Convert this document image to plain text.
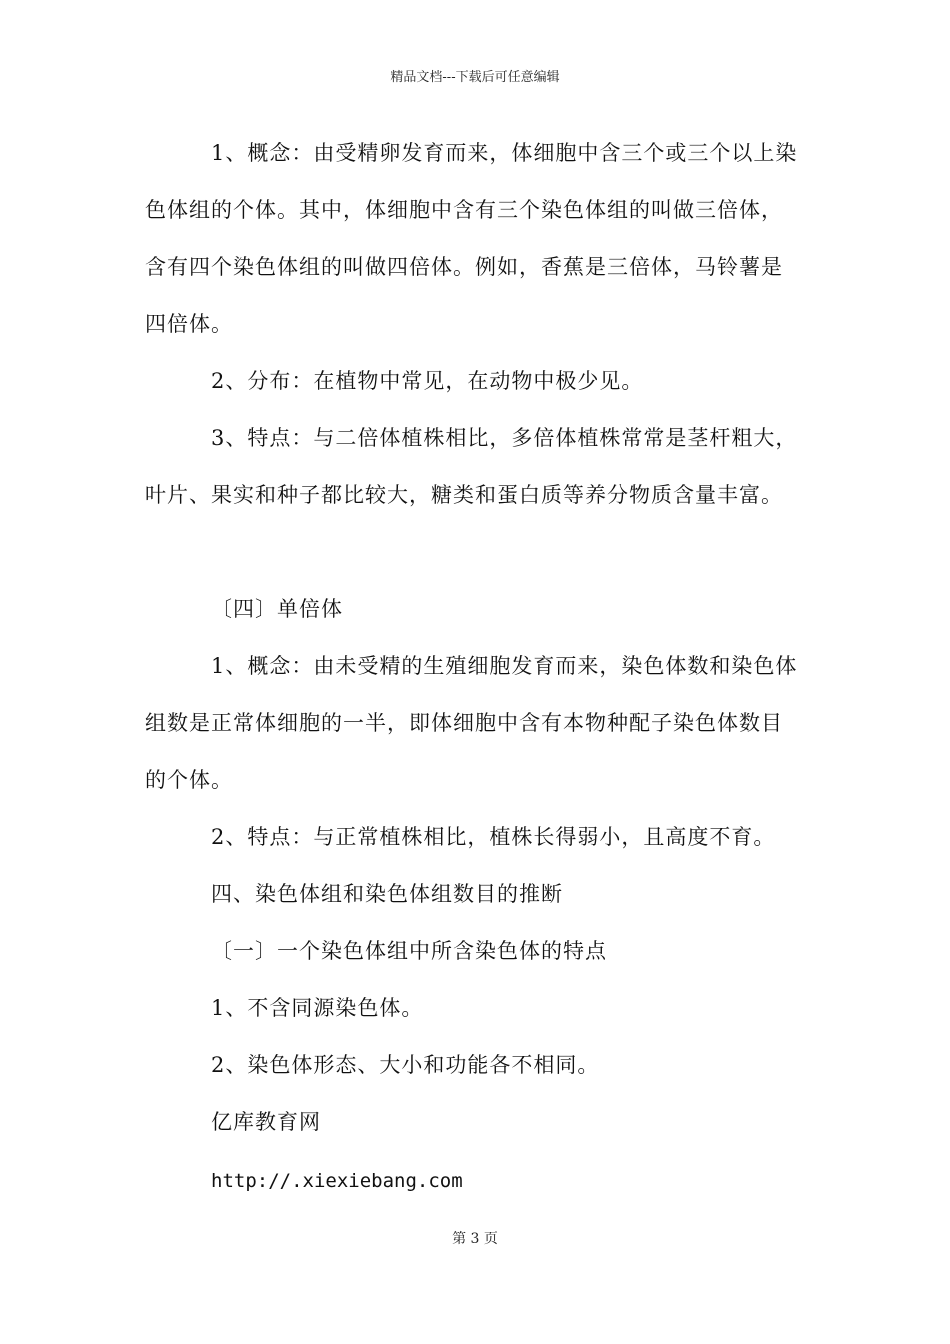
精品文档---下载后可任意编辑
1、概念：由受精卵发育而来，体细胞中含三个或三个以上染
色体组的个体。其中，体细胞中含有三个染色体组的叫做三倍体，
含有四个染色体组的叫做四倍体。例如，香蕉是三倍体，马铃薯是
四倍体。
2、分布：在植物中常见，在动物中极少见。
3、特点：与二倍体植株相比，多倍体植株常常是茎杆粗大，
叶片、果实和种子都比较大，糖类和蛋白质等养分物质含量丰富。
〔四〕单倍体
1、概念：由未受精的生殖细胞发育而来，染色体数和染色体
组数是正常体细胞的一半，即体细胞中含有本物种配子染色体数目
的个体。
2、特点：与正常植株相比，植株长得弱小，且高度不育。
四、染色体组和染色体组数目的推断
〔一〕一个染色体组中所含染色体的特点
1、不含同源染色体。
2、染色体形态、大小和功能各不相同。
亿库教育网
http://.xiexiebang.com
第 3 页
